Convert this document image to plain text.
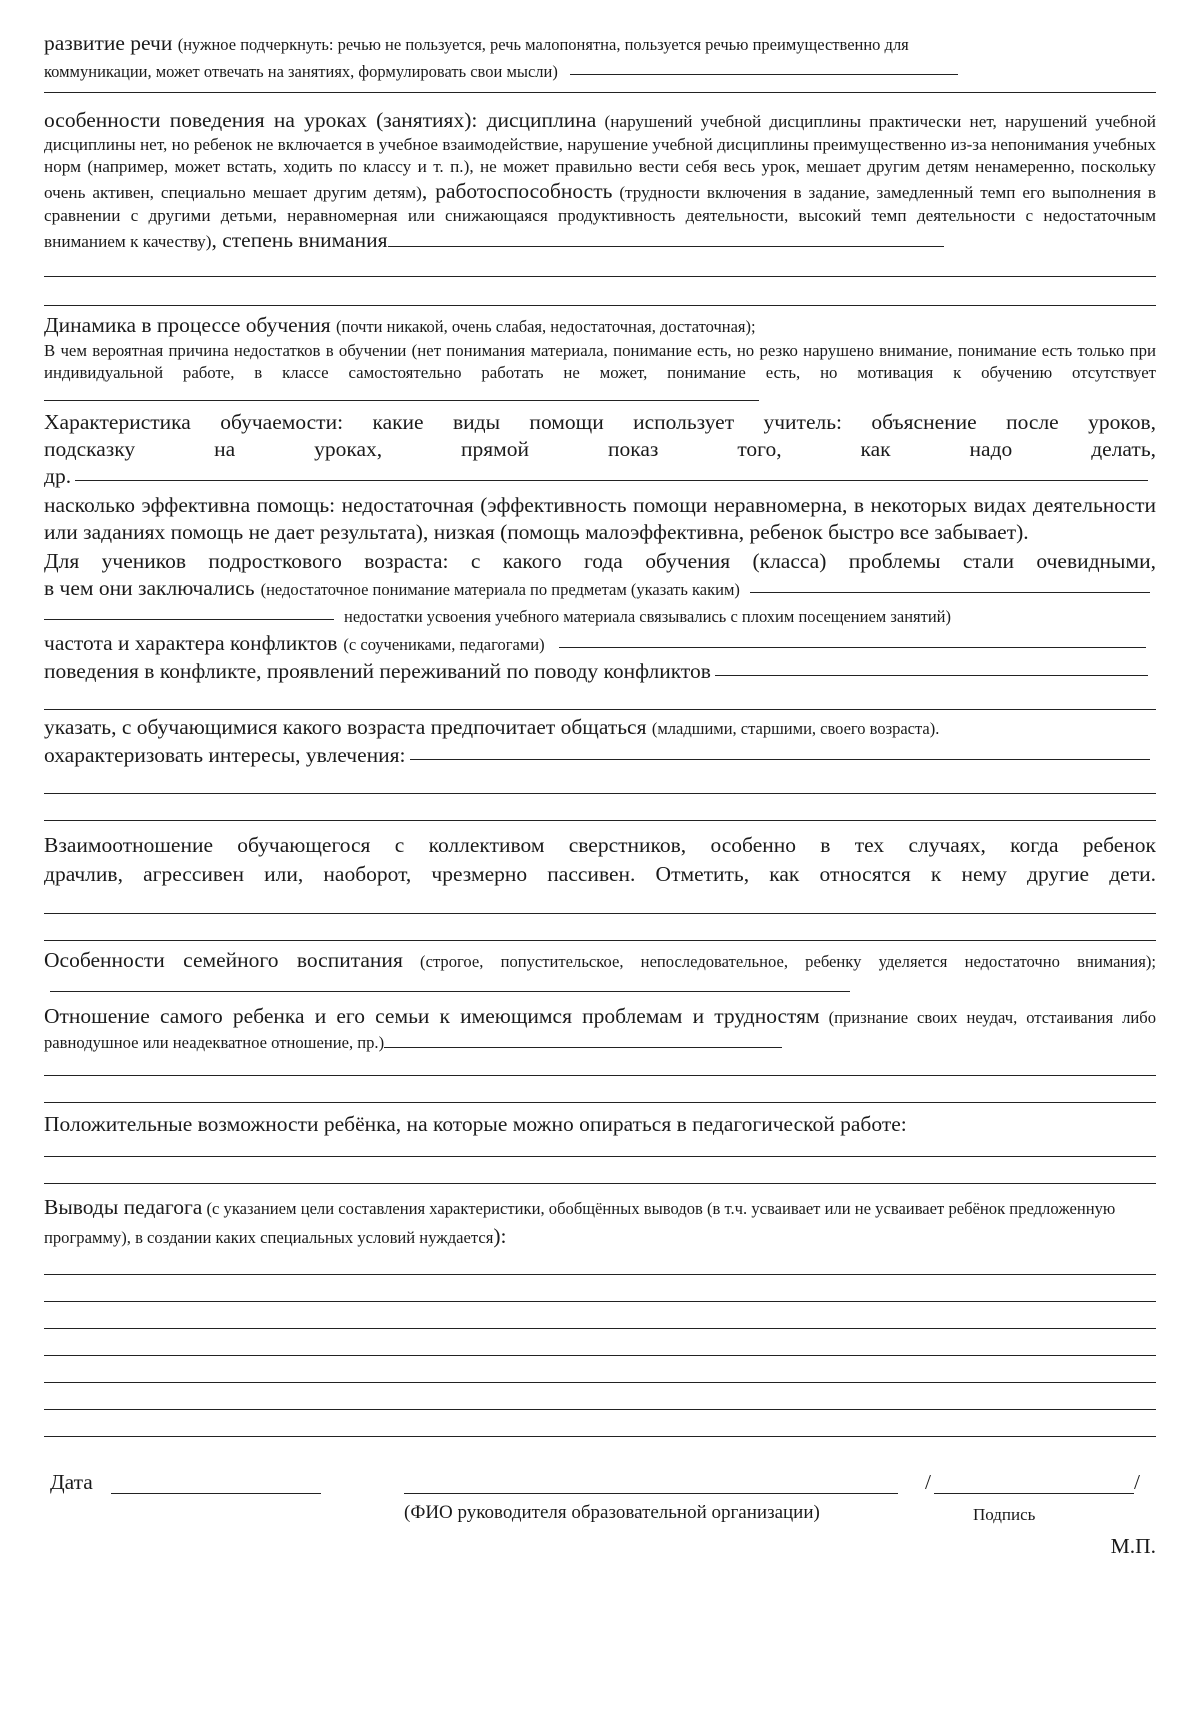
развитие речи (нужное подчеркнуть: речью не пользуется, речь малопонятна, пользуется речью преимущественно для
коммуникации, может отвечать на занятиях, формулировать свои мысли)
особенности поведения на уроках (занятиях): дисциплина (нарушений учебной дисциплины практически нет, нарушений учебной дисциплины нет, но ребенок не включается в учебное взаимодействие, нарушение учебной дисциплины преимущественно из-за непонимания учебных норм (например, может встать, ходить по классу и т. п.), не может правильно вести себя весь урок, мешает другим детям ненамеренно, поскольку очень активен, специально мешает другим детям), работоспособность (трудности включения в задание, замедленный темп его выполнения в сравнении с другими детьми, неравномерная или снижающаяся продуктивность деятельности, высокий темп деятельности с недостаточным вниманием к качеству), степень внимания
Динамика в процессе обучения (почти никакой, очень слабая, недостаточная, достаточная);
В чем вероятная причина недостатков в обучении (нет понимания материала, понимание есть, но резко нарушено внимание, понимание есть только при индивидуальной работе, в классе самостоятельно работать не может, понимание есть, но мотивация к обучению отсутствует
Характеристика обучаемости: какие виды помощи использует учитель: объяснение после уроков,
подсказку на уроках, прямой показ того, как надо делать,
др.
насколько эффективна помощь: недостаточная (эффективность помощи неравномерна, в некоторых видах деятельности или заданиях помощь не дает результата), низкая (помощь малоэффективна, ребенок быстро все забывает).
Для учеников подросткового возраста: с какого года обучения (класса) проблемы стали очевидными,
в чем они заключались (недостаточное понимание материала по предметам (указать каким)
недостатки усвоения учебного материала связывались с плохим посещением занятий)
частота и характера конфликтов (с соучениками, педагогами)
поведения в конфликте, проявлений переживаний по поводу конфликтов
указать, с обучающимися какого возраста предпочитает общаться (младшими, старшими, своего возраста).
охарактеризовать интересы, увлечения:
Взаимоотношение обучающегося с коллективом сверстников, особенно в тех случаях, когда ребенок
драчлив, агрессивен или, наоборот, чрезмерно пассивен. Отметить, как относятся к нему другие дети.
Особенности семейного воспитания (строгое, попустительское, непоследовательное, ребенку уделяется недостаточно внимания);
Отношение самого ребенка и его семьи к имеющимся проблемам и трудностям (признание своих неудач, отстаивания либо равнодушное или неадекватное отношение, пр.)
Положительные возможности ребёнка, на которые можно опираться в педагогической работе:
Выводы педагога (с указанием цели составления характеристики, обобщённых выводов (в т.ч. усваивает или не усваивает ребёнок предложенную программу), в создании каких специальных условий нуждается):
Дата	/	/
(ФИО руководителя образовательной организации)	Подпись
М.П.
